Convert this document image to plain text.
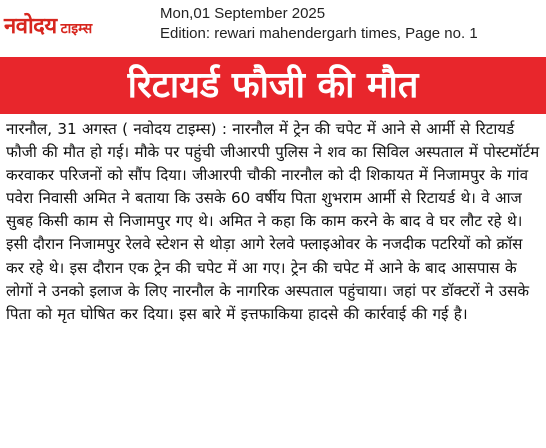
नवोदय टाइम्स
Mon,01 September 2025
Edition: rewari mahendergarh times, Page no. 1
रिटायर्ड फौजी की मौत

नारनौल, 31 अगस्त ( नवोदय टाइम्स) : नारनौल में ट्रेन की चपेट में आने से आर्मी से रिटायर्ड फौजी की मौत हो गई। मौके पर पहुंची जीआरपी पुलिस ने शव का सिविल अस्पताल में पोस्टमॉर्टम करवाकर परिजनों को सौंप दिया। जीआरपी चौकी नारनौल को दी शिकायत में निजामपुर के गांव पवेरा निवासी अमित ने बताया कि उसके 60 वर्षीय पिता शुभराम आर्मी से रिटायर्ड थे। वे आज सुबह किसी काम से निजामपुर गए थे। अमित ने कहा कि काम करने के बाद वे घर लौट रहे थे। इसी दौरान निजामपुर रेलवे स्टेशन से थोड़ा आगे रेलवे फ्लाइओवर के नजदीक पटरियों को क्रॉस कर रहे थे। इस दौरान एक ट्रेन की चपेट में आ गए। ट्रेन की चपेट में आने के बाद आसपास के लोगों ने उनको इलाज के लिए नारनौल के नागरिक अस्पताल पहुंचाया। जहां पर डॉक्टरों ने उसके पिता को मृत घोषित कर दिया। इस बारे में इत्तफाकिया हादसे की कार्रवाई की गई है।
